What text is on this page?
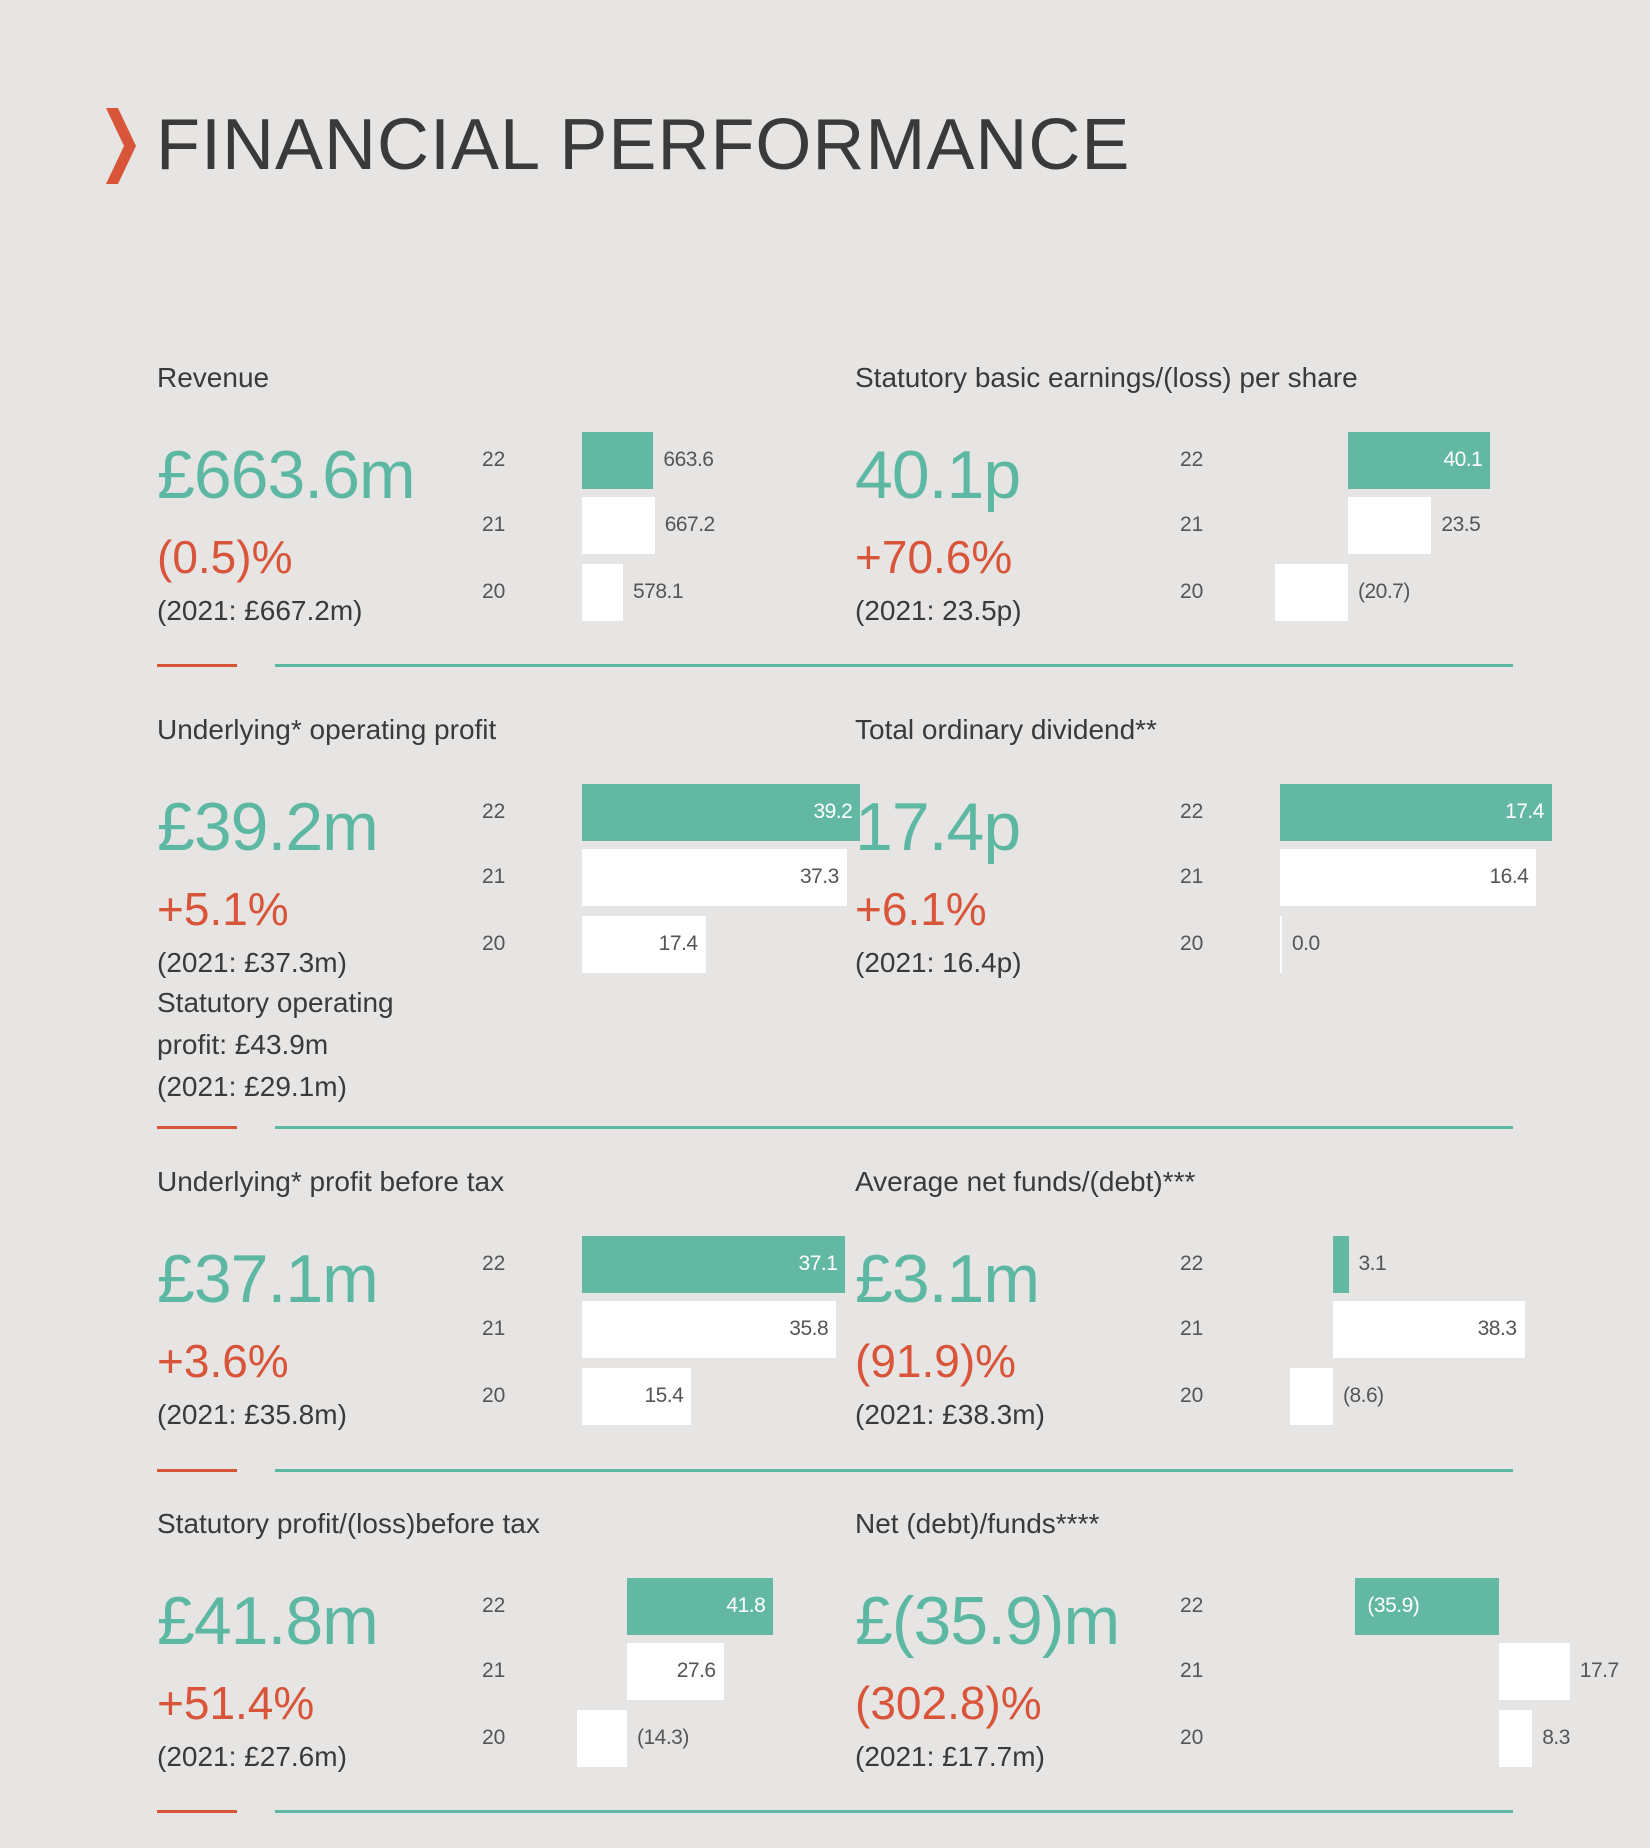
FINANCIAL PERFORMANCE
Revenue
£663.6m
(0.5)%
(2021: £667.2m)
22	663.6
21	667.2
20	578.1
Statutory basic earnings/(loss) per share
40.1p
+70.6%
(2021: 23.5p)
22	40.1
21	23.5
20	(20.7)
Underlying* operating profit
£39.2m
+5.1%
(2021: £37.3m)
Statutory operating
profit: £43.9m
(2021: £29.1m)
22	39.2
21	37.3
20	17.4
Total ordinary dividend**
17.4p
+6.1%
(2021: 16.4p)
22	17.4
21	16.4
20	0.0
Underlying* profit before tax
£37.1m
+3.6%
(2021: £35.8m)
22	37.1
21	35.8
20	15.4
Average net funds/(debt)***
£3.1m
(91.9)%
(2021: £38.3m)
22	3.1
21	38.3
20	(8.6)
Statutory profit/(loss)before tax
£41.8m
+51.4%
(2021: £27.6m)
22	41.8
21	27.6
20	(14.3)
Net (debt)/funds****
£(35.9)m
(302.8)%
(2021: £17.7m)
22	(35.9)
21	17.7
20	8.3
